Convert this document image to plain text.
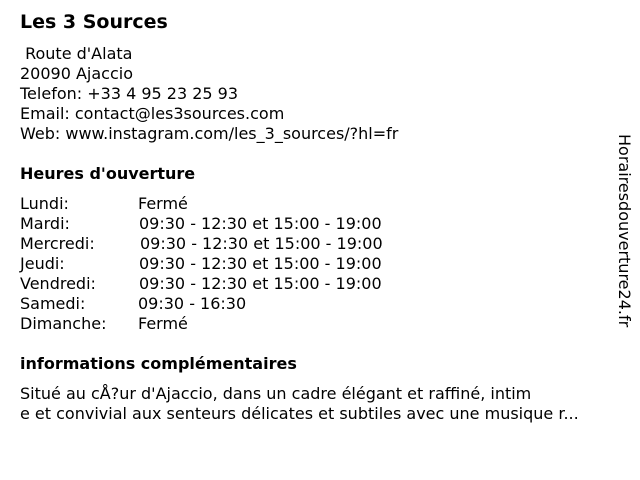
Les 3 Sources
Route d'Alata
20090 Ajaccio
Telefon: +33 4 95 23 25 93
Email: contact@les3sources.com
Web: www.instagram.com/les_3_sources/?hl=fr
Heures d'ouverture
Lundi:	Fermé
Mardi:	09:30 - 12:30 et 15:00 - 19:00
Mercredi:	09:30 - 12:30 et 15:00 - 19:00
Jeudi:	09:30 - 12:30 et 15:00 - 19:00
Vendredi:	09:30 - 12:30 et 15:00 - 19:00
Samedi:	09:30 - 16:30
Dimanche: Fermé
informations complémentaires
Situé au cÅ?ur d'Ajaccio, dans un cadre élégant et raffiné, intim
e et convivial aux senteurs délicates et subtiles avec une musique r...
Horairesdouverture24.fr
